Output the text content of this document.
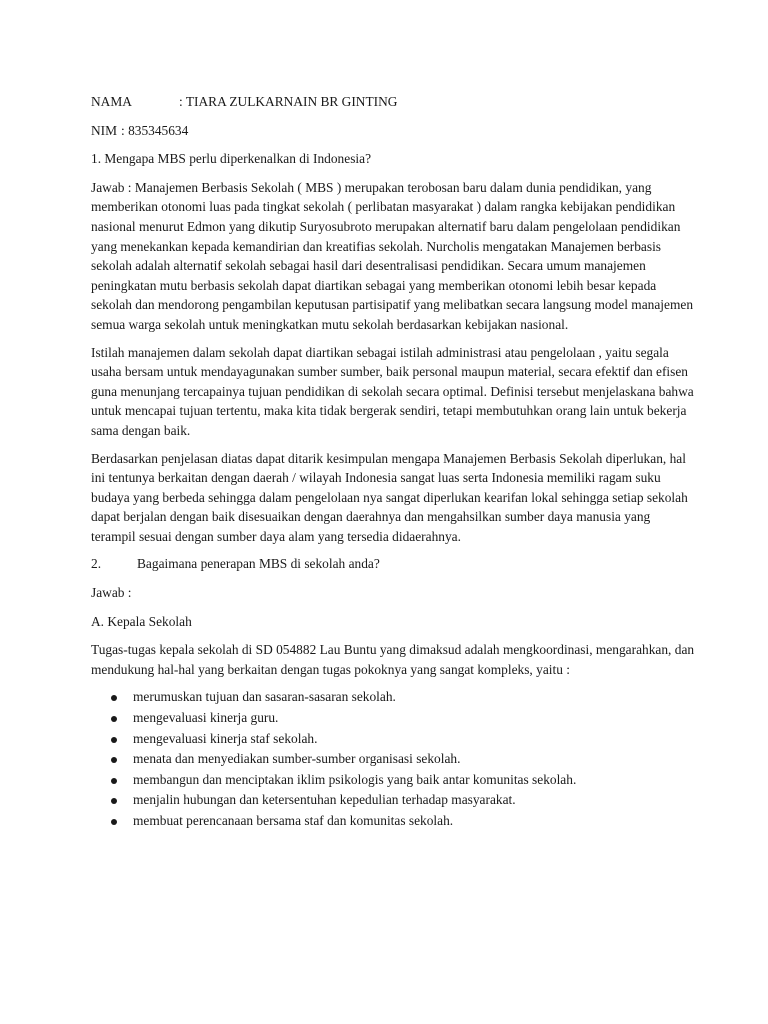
NAMA	: TIARA ZULKARNAIN BR GINTING
NIM : 835345634
1. Mengapa MBS perlu diperkenalkan di Indonesia?

Jawab : Manajemen Berbasis Sekolah ( MBS ) merupakan terobosan baru dalam dunia pendidikan, yang memberikan otonomi luas pada tingkat sekolah ( perlibatan masyarakat ) dalam rangka kebijakan pendidikan nasional menurut Edmon yang dikutip Suryosubroto merupakan alternatif baru dalam pengelolaan pendidikan yang menekankan kepada kemandirian dan kreatifias sekolah. Nurcholis mengatakan Manajemen berbasis sekolah adalah alternatif sekolah sebagai hasil dari desentralisasi pendidikan. Secara umum manajemen peningkatan mutu berbasis sekolah dapat diartikan sebagai yang memberikan otonomi lebih besar kepada sekolah dan mendorong pengambilan keputusan partisipatif yang melibatkan secara langsung model manajemen semua warga sekolah untuk meningkatkan mutu sekolah berdasarkan kebijakan nasional.

Istilah manajemen dalam sekolah dapat diartikan sebagai istilah administrasi atau pengelolaan , yaitu segala usaha bersam untuk mendayagunakan sumber sumber, baik personal maupun material, secara efektif dan efisen guna menunjang tercapainya tujuan pendidikan di sekolah secara optimal. Definisi tersebut menjelaskana bahwa untuk mencapai tujuan tertentu, maka kita tidak bergerak sendiri, tetapi membutuhkan orang lain untuk bekerja sama dengan baik.

Berdasarkan penjelasan diatas dapat ditarik kesimpulan mengapa Manajemen Berbasis Sekolah diperlukan, hal ini tentunya berkaitan dengan daerah / wilayah Indonesia sangat luas serta Indonesia memiliki ragam suku budaya yang berbeda sehingga dalam pengelolaan nya sangat diperlukan kearifan lokal sehingga setiap sekolah dapat berjalan dengan baik disesuaikan dengan daerahnya dan mengahsilkan sumber daya manusia yang terampil sesuai dengan sumber daya alam yang tersedia didaerahnya.

2.	Bagaimana penerapan MBS di sekolah anda?
Jawab :
A. Kepala Sekolah

Tugas-tugas kepala sekolah di SD 054882 Lau Buntu yang dimaksud adalah mengkoordinasi, mengarahkan, dan mendukung hal-hal yang berkaitan dengan tugas pokoknya yang sangat kompleks, yaitu :

merumuskan tujuan dan sasaran-sasaran sekolah.
mengevaluasi kinerja guru.
mengevaluasi kinerja staf sekolah.
menata dan menyediakan sumber-sumber organisasi sekolah.
membangun dan menciptakan iklim psikologis yang baik antar komunitas sekolah.
menjalin hubungan dan ketersentuhan kepedulian terhadap masyarakat.
membuat perencanaan bersama staf dan komunitas sekolah.
